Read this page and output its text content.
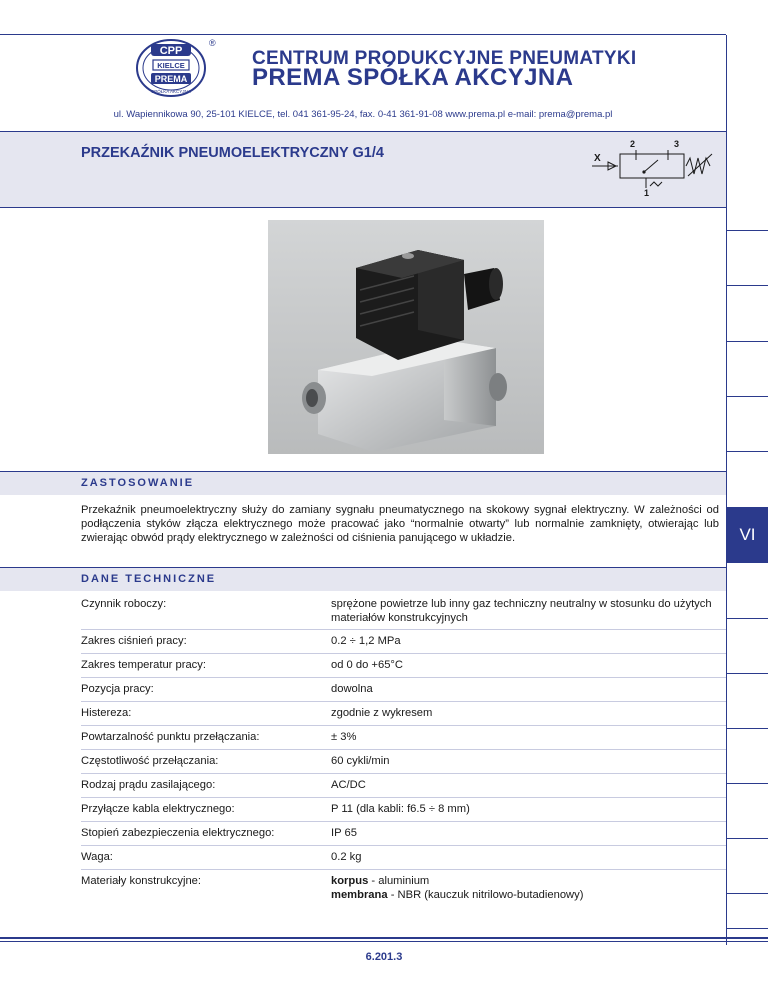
CPP
KIELCE
PREMA
SPÓŁKA AKCYJNA
®
CENTRUM PRODUKCYJNE PNEUMATYKI
PREMA SPÓŁKA AKCYJNA
ul. Wapiennikowa 90, 25-101 KIELCE, tel. 041 361-95-24, fax. 0-41 361-91-08 www.prema.pl e-mail: prema@prema.pl
PRZEKAŹNIK PNEUMOELEKTRYCZNY G1/4	X
2	3
1
VI
ZASTOSOWANIE
Przekaźnik pneumoelektryczny służy do zamiany sygnału pneumatycznego na skokowy sygnał elektryczny. W zależności od podłączenia styków złącza elektrycznego może pracować jako “normalnie otwarty” lub normalnie zamknięty, otwierając lub zwierając obwód prądy elektrycznego w zależności od ciśnienia panującego w układzie.
DANE TECHNICZNE
Czynnik roboczy:	sprężone powietrze lub inny gaz techniczny neutralny w stosunku do użytych materiałów konstrukcyjnych
Zakres ciśnień pracy:	0.2 ÷ 1,2 MPa
Zakres temperatur pracy:	od 0 do +65°C
Pozycja pracy:	dowolna
Histereza:	zgodnie z wykresem
Powtarzalność punktu przełączania:	± 3%
Częstotliwość przełączania:	60 cykli/min
Rodzaj prądu zasilającego:	AC/DC
Przyłącze kabla elektrycznego:	P 11 (dla kabli: f6.5 ÷ 8 mm)
Stopień zabezpieczenia elektrycznego:	IP 65
Waga:	0.2 kg
Materiały konstrukcyjne:	korpus - aluminium
membrana - NBR (kauczuk nitrilowo-butadienowy)
6.201.3
